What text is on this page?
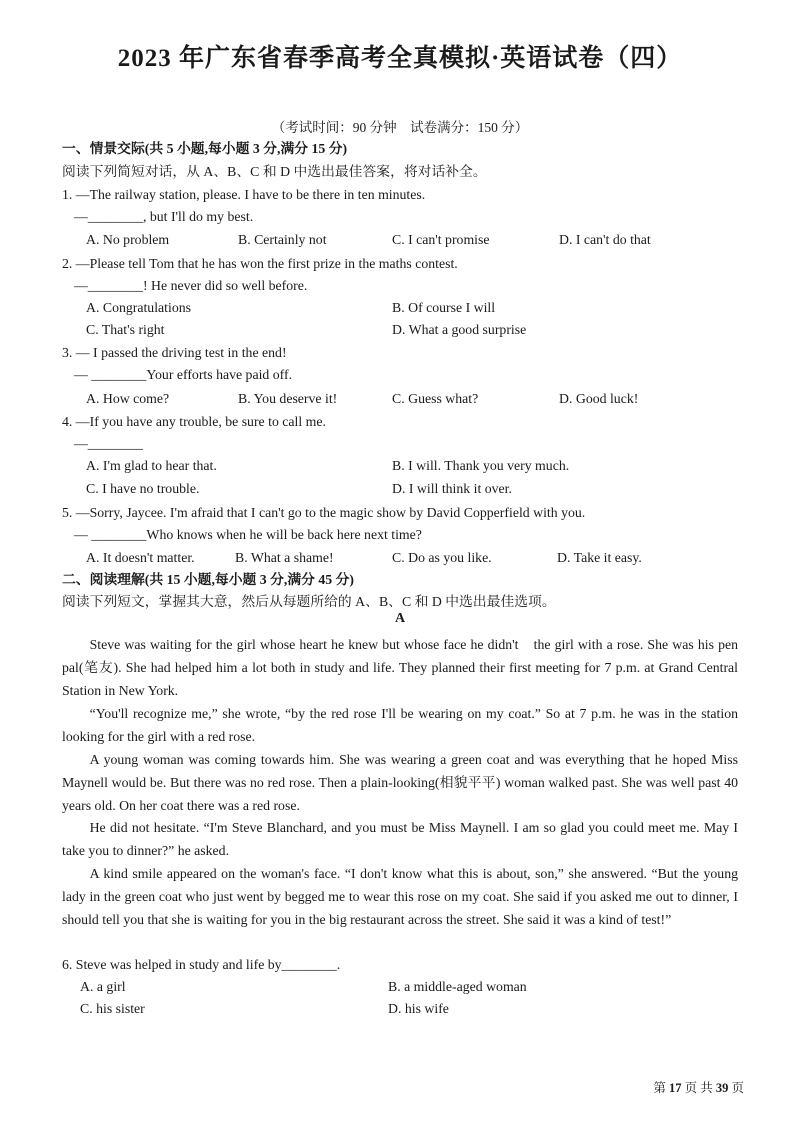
2023 年广东省春季高考全真模拟·英语试卷（四）
（考试时间：90 分钟　试卷满分：150 分）
一、情景交际(共 5 小题,每小题 3 分,满分 15 分)
阅读下列简短对话，从 A、B、C 和 D 中选出最佳答案，将对话补全。
1. —The railway station, please. I have to be there in ten minutes.
—________, but I'll do my best.
A. No problem	B. Certainly not	C. I can't promise	D. I can't do that
2. —Please tell Tom that he has won the first prize in the maths contest.
—________! He never did so well before.
A. Congratulations	B. Of course I will
C. That's right	D. What a good surprise
3. — I passed the driving test in the end!
— ________Your efforts have paid off.
A. How come?	B. You deserve it!	C. Guess what?	D. Good luck!
4. —If you have any trouble, be sure to call me.
—________
A. I'm glad to hear that.	B. I will. Thank you very much.
C. I have no trouble.	D. I will think it over.
5. —Sorry, Jaycee. I'm afraid that I can't go to the magic show by David Copperfield with you.
— ________Who knows when he will be back here next time?
A. It doesn't matter.	B. What a shame!	C. Do as you like.	D. Take it easy.
二、阅读理解(共 15 小题,每小题 3 分,满分 45 分)
阅读下列短文，掌握其大意，然后从每题所给的 A、B、C 和 D 中选出最佳选项。
A
Steve was waiting for the girl whose heart he knew but whose face he didn't　the girl with a rose. She was his pen pal(笔友). She had helped him a lot both in study and life. They planned their first meeting for 7 p.m. at Grand Central Station in New York.
“You'll recognize me,” she wrote, “by the red rose I'll be wearing on my coat.” So at 7 p.m. he was in the station looking for the girl with a red rose.
A young woman was coming towards him. She was wearing a green coat and was everything that he hoped Miss Maynell would be. But there was no red rose. Then a plain-looking(相貌平平) woman walked past. She was well past 40 years old. On her coat there was a red rose.
He did not hesitate. “I'm Steve Blanchard, and you must be Miss Maynell. I am so glad you could meet me. May I take you to dinner?” he asked.
A kind smile appeared on the woman's face. “I don't know what this is about, son,” she answered. “But the young lady in the green coat who just went by begged me to wear this rose on my coat. She said if you asked me out to dinner, I should tell you that she is waiting for you in the big restaurant across the street. She said it was a kind of test!”
6. Steve was helped in study and life by________.
A. a girl	B. a middle-aged woman
C. his sister	D. his wife
第 17 页 共 39 页
